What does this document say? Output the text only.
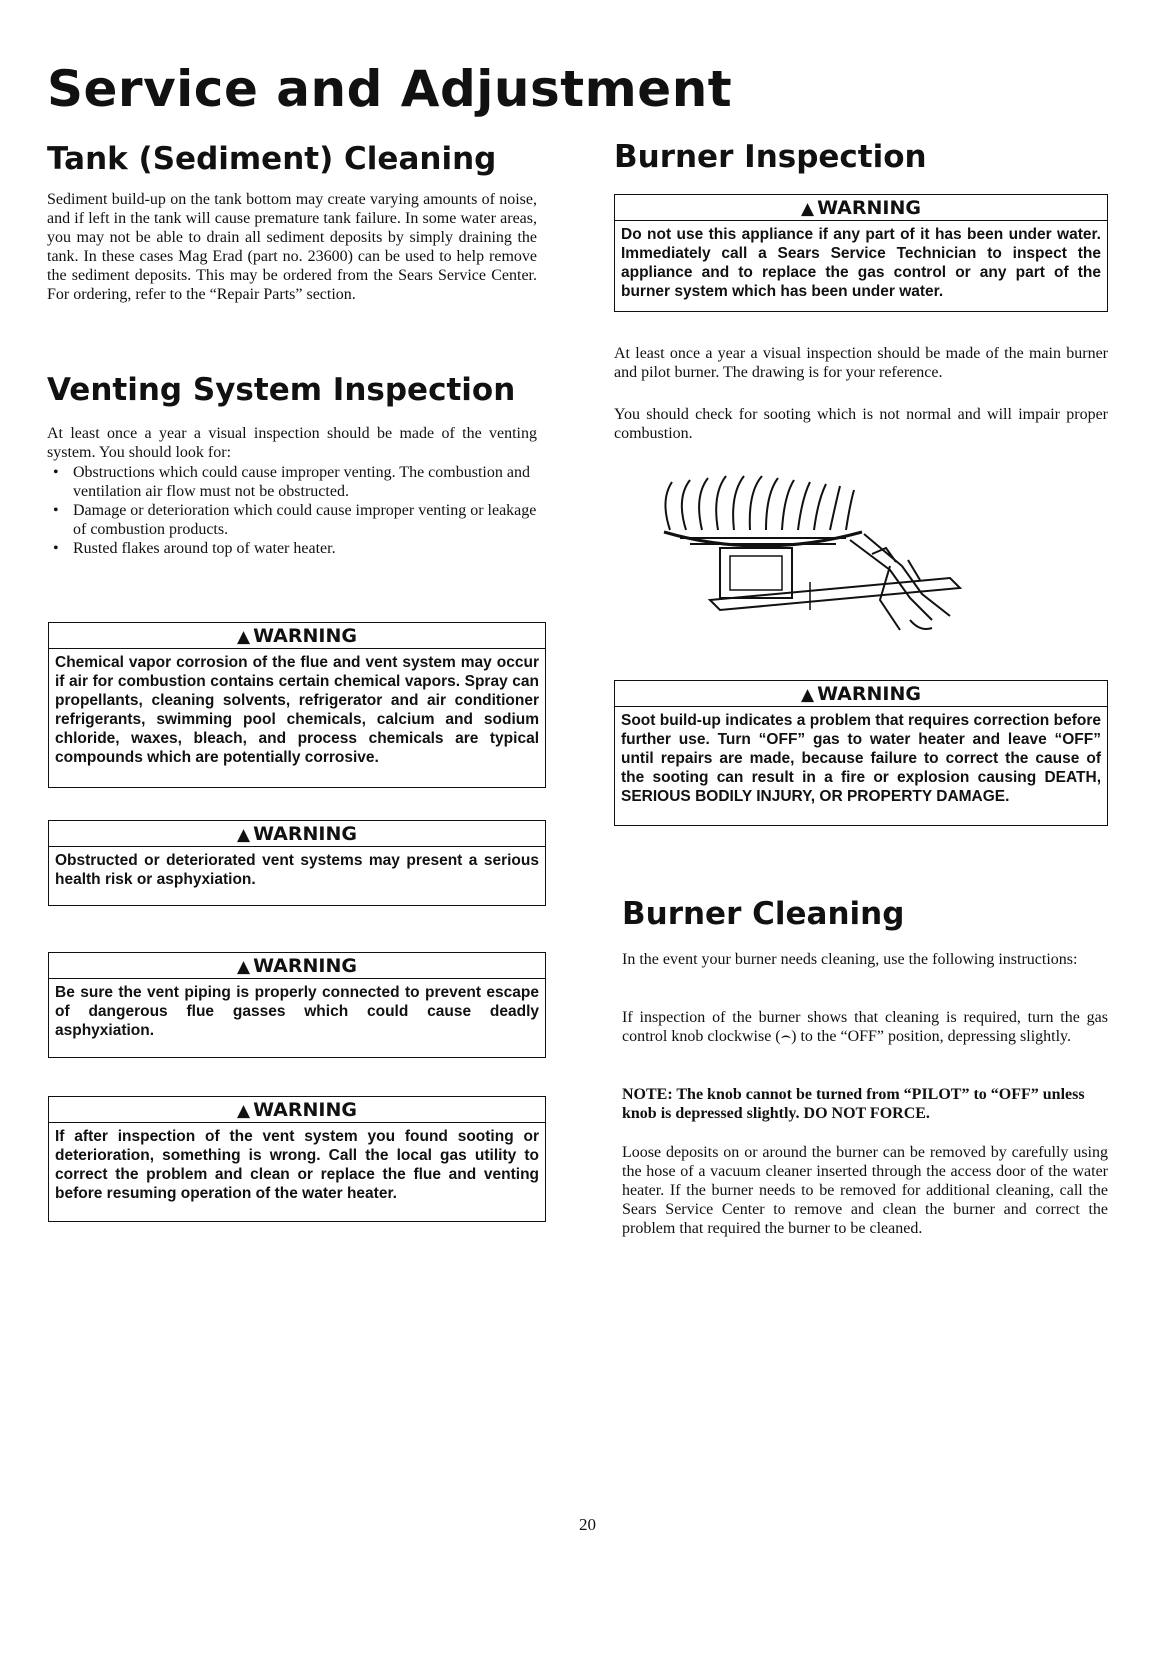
Service and Adjustment
Tank (Sediment) Cleaning

Sediment build-up on the tank bottom may create varying amounts of noise, and if left in the tank will cause premature tank failure. In some water areas, you may not be able to drain all sediment deposits by simply draining the tank. In these cases Mag Erad (part no. 23600) can be used to help remove the sediment deposits. This may be ordered from the Sears Service Center. For ordering, refer to the “Repair Parts” section.

Venting System Inspection

At least once a year a visual inspection should be made of the venting system. You should look for:

• Obstructions which could cause improper venting. The combustion and ventilation air flow must not be obstructed.
• Damage or deterioration which could cause improper venting or leakage of combustion products.
• Rusted flakes around top of water heater.
▲ WARNING
Chemical vapor corrosion of the flue and vent system may occur if air for combustion contains certain chemical vapors. Spray can propellants, cleaning solvents, refrigerator and air conditioner refrigerants, swimming pool chemicals, calcium and sodium chloride, waxes, bleach, and process chemicals are typical compounds which are potentially corrosive.
▲ WARNING
Obstructed or deteriorated vent systems may present a serious health risk or asphyxiation.
▲ WARNING
Be sure the vent piping is properly connected to prevent escape of dangerous flue gasses which could cause deadly asphyxiation.
▲ WARNING
If after inspection of the vent system you found sooting or deterioration, something is wrong. Call the local gas utility to correct the problem and clean or replace the flue and venting before resuming operation of the water heater.
Burner Inspection
▲ WARNING
Do not use this appliance if any part of it has been under water. Immediately call a Sears Service Technician to inspect the appliance and to replace the gas control or any part of the burner system which has been under water.

At least once a year a visual inspection should be made of the main burner and pilot burner. The drawing is for your reference.

You should check for sooting which is not normal and will impair proper combustion.

▲ WARNING
Soot build-up indicates a problem that requires correction before further use. Turn “OFF” gas to water heater and leave “OFF” until repairs are made, because failure to correct the cause of the sooting can result in a fire or explosion causing DEATH, SERIOUS BODILY INJURY, OR PROPERTY DAMAGE.
Burner Cleaning

In the event your burner needs cleaning, use the following instructions:

If inspection of the burner shows that cleaning is required, turn the gas control knob clockwise (⌢) to the “OFF” position, depressing slightly.

NOTE: The knob cannot be turned from “PILOT” to “OFF” unless knob is depressed slightly. DO NOT FORCE.

Loose deposits on or around the burner can be removed by carefully using the hose of a vacuum cleaner inserted through the access door of the water heater. If the burner needs to be removed for additional cleaning, call the Sears Service Center to remove and clean the burner and correct the problem that required the burner to be cleaned.

20
